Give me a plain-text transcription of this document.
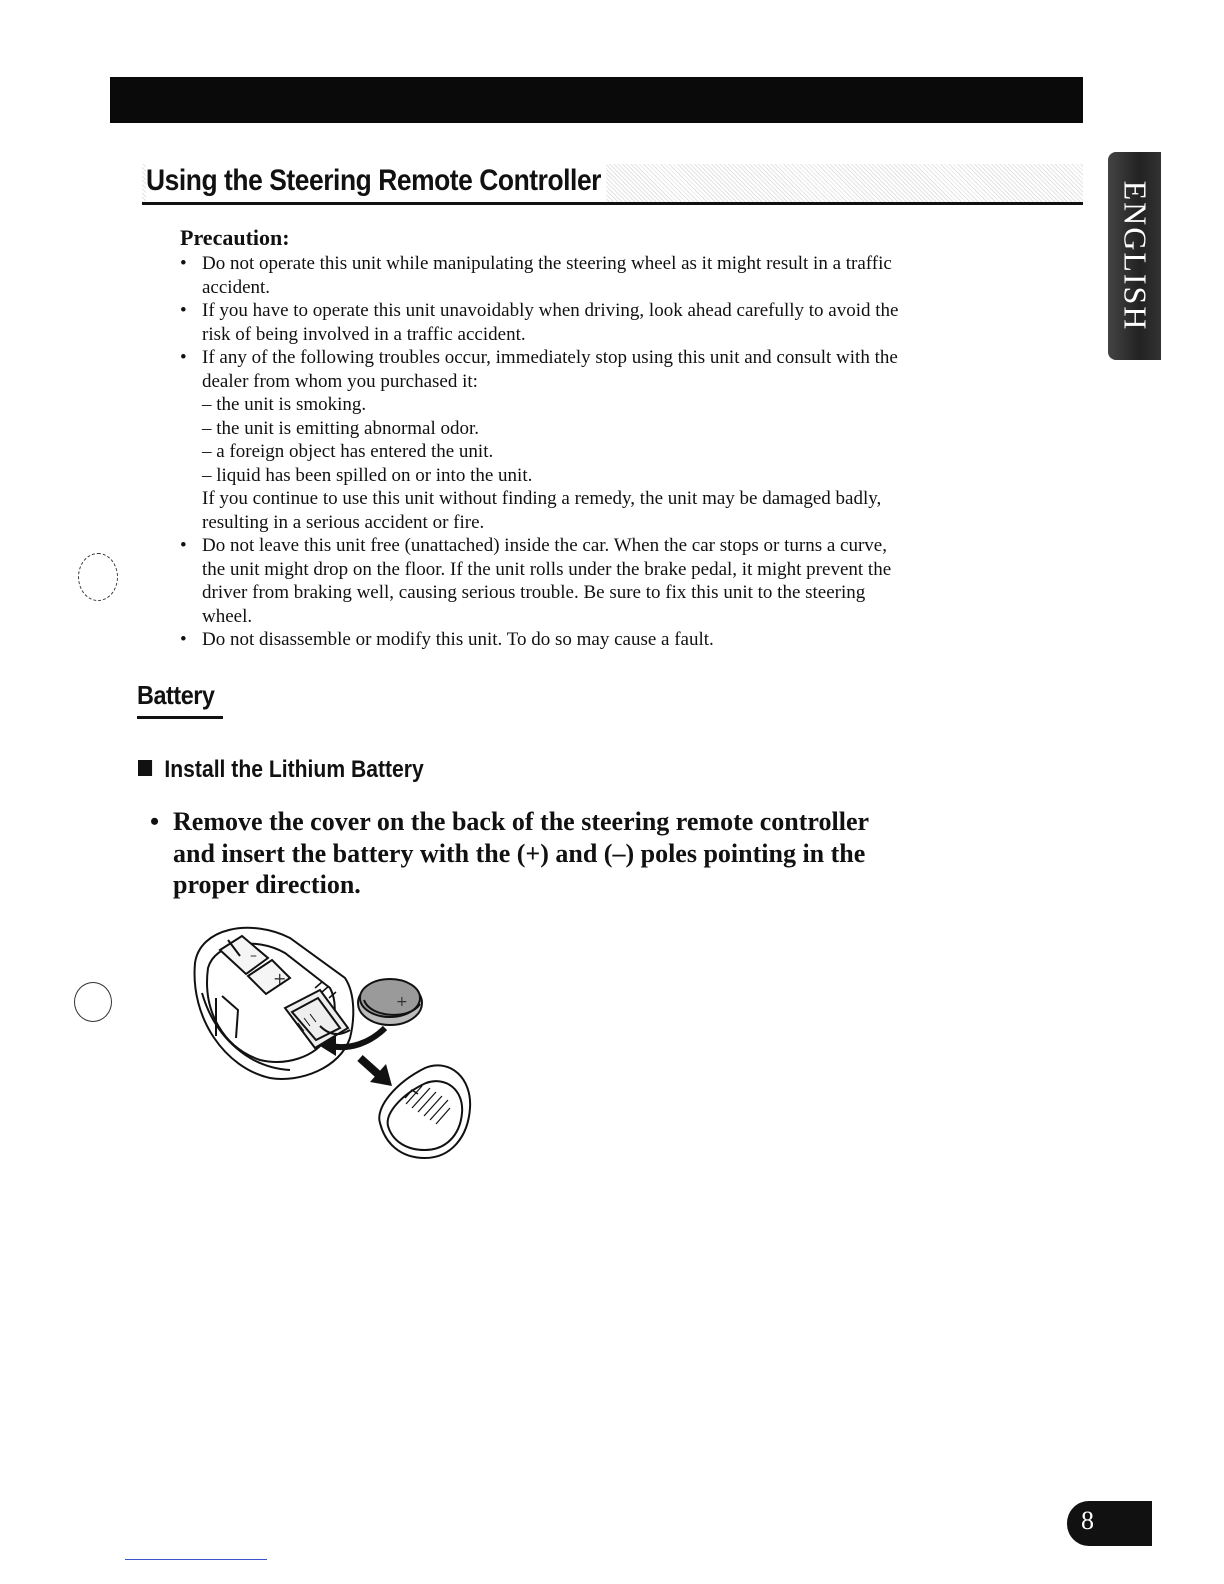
Using the Steering Remote Controller
ENGLISH
Precaution:
• Do not operate this unit while manipulating the steering wheel as it might result in a traffic accident.
• If you have to operate this unit unavoidably when driving, look ahead carefully to avoid the risk of being involved in a traffic accident.
• If any of the following troubles occur, immediately stop using this unit and consult with the dealer from whom you purchased it:
– the unit is smoking.
– the unit is emitting abnormal odor.
– a foreign object has entered the unit.
– liquid has been spilled on or into the unit.
If you continue to use this unit without finding a remedy, the unit may be damaged badly, resulting in a serious accident or fire.
• Do not leave this unit free (unattached) inside the car. When the car stops or turns a curve, the unit might drop on the floor. If the unit rolls under the brake pedal, it might prevent the driver from braking well, causing serious trouble. Be sure to fix this unit to the steering wheel.
• Do not disassemble or modify this unit. To do so may cause a fault.
Battery
Install the Lithium Battery

• Remove the cover on the back of the steering remote controller and insert the battery with the (+) and (–) poles pointing in the proper direction.

+
–
+
8
